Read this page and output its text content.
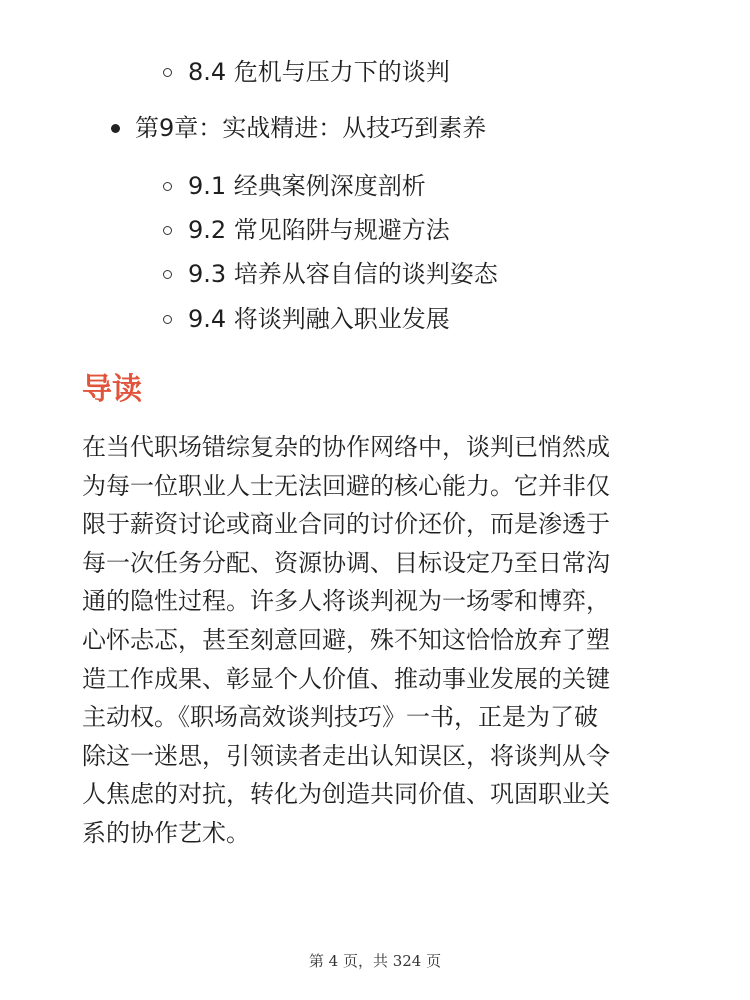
8.4 危机与压力下的谈判
第9章：实战精进：从技巧到素养
9.1 经典案例深度剖析
9.2 常见陷阱与规避方法
9.3 培养从容自信的谈判姿态
9.4 将谈判融入职业发展
导读
在当代职场错综复杂的协作网络中，谈判已悄然成
为每一位职业人士无法回避的核心能力。它并非仅
限于薪资讨论或商业合同的讨价还价，而是渗透于
每一次任务分配、资源协调、目标设定乃至日常沟
通的隐性过程。许多人将谈判视为一场零和博弈，
心怀忐忑，甚至刻意回避，殊不知这恰恰放弃了塑
造工作成果、彰显个人价值、推动事业发展的关键
主动权。《职场高效谈判技巧》一书，正是为了破
除这一迷思，引领读者走出认知误区，将谈判从令
人焦虑的对抗，转化为创造共同价值、巩固职业关
系的协作艺术。
第 4 页，共 324 页
